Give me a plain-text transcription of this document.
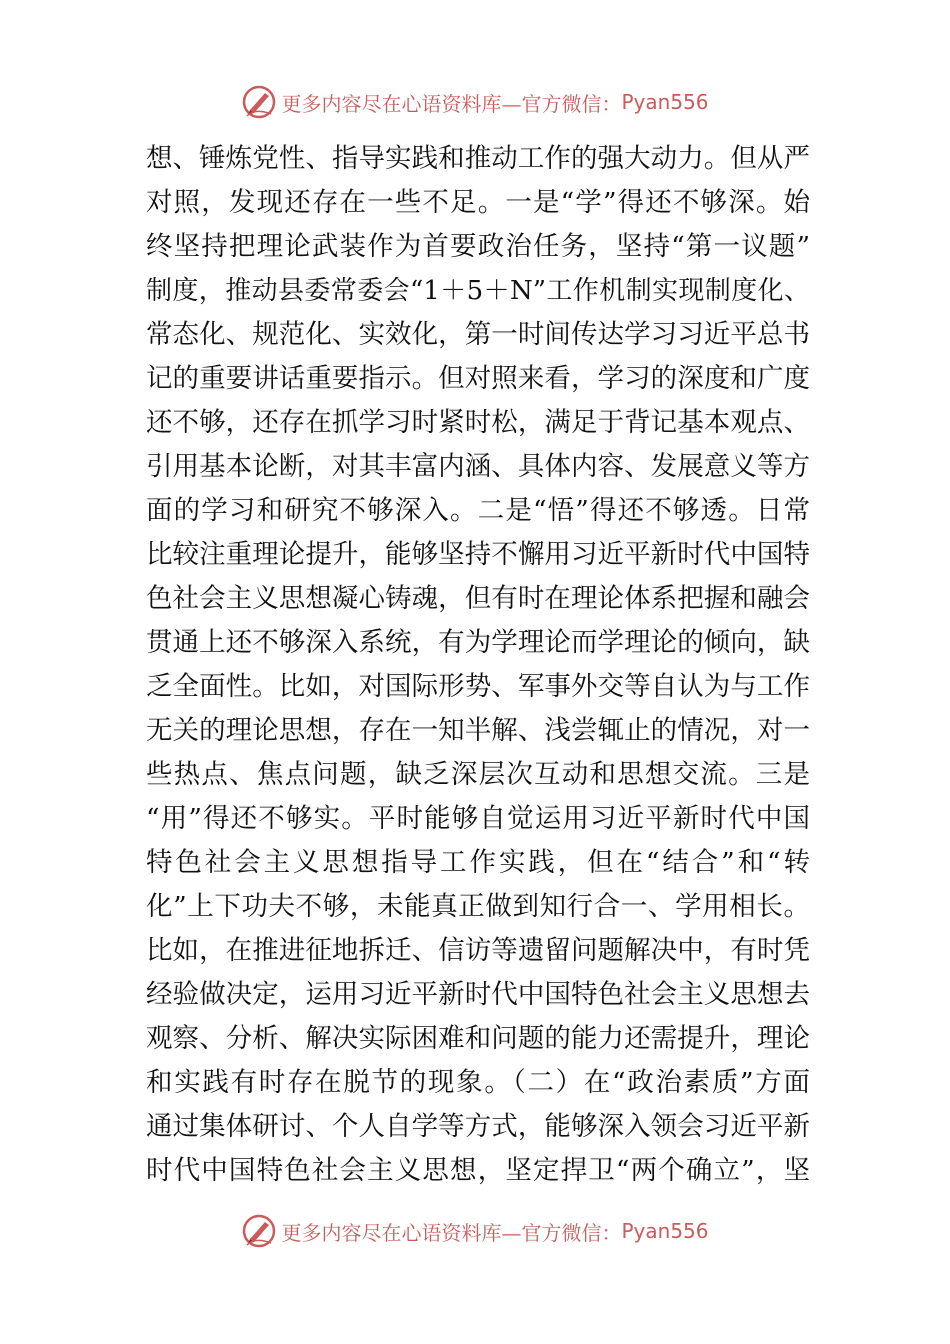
更多内容尽在心语资料库—官方微信： Pyan556
想、锤炼党性、指导实践和推动工作的强大动力。但从严
对照，发现还存在一些不足。一是“学”得还不够深。始
终坚持把理论武装作为首要政治任务，坚持“第一议题”
制度，推动县委常委会“1＋5＋N”工作机制实现制度化、
常态化、规范化、实效化，第一时间传达学习习近平总书
记的重要讲话重要指示。但对照来看，学习的深度和广度
还不够，还存在抓学习时紧时松，满足于背记基本观点、
引用基本论断，对其丰富内涵、具体内容、发展意义等方
面的学习和研究不够深入。二是“悟”得还不够透。日常
比较注重理论提升，能够坚持不懈用习近平新时代中国特
色社会主义思想凝心铸魂，但有时在理论体系把握和融会
贯通上还不够深入系统，有为学理论而学理论的倾向，缺
乏全面性。比如，对国际形势、军事外交等自认为与工作
无关的理论思想，存在一知半解、浅尝辄止的情况，对一
些热点、焦点问题，缺乏深层次互动和思想交流。三是
“用”得还不够实。平时能够自觉运用习近平新时代中国
特色社会主义思想指导工作实践，但在“结合”和“转
化”上下功夫不够，未能真正做到知行合一、学用相长。
比如，在推进征地拆迁、信访等遗留问题解决中，有时凭
经验做决定，运用习近平新时代中国特色社会主义思想去
观察、分析、解决实际困难和问题的能力还需提升，理论
和实践有时存在脱节的现象。（二）在“政治素质”方面
通过集体研讨、个人自学等方式，能够深入领会习近平新
时代中国特色社会主义思想，坚定捍卫“两个确立”，坚
更多内容尽在心语资料库—官方微信： Pyan556
